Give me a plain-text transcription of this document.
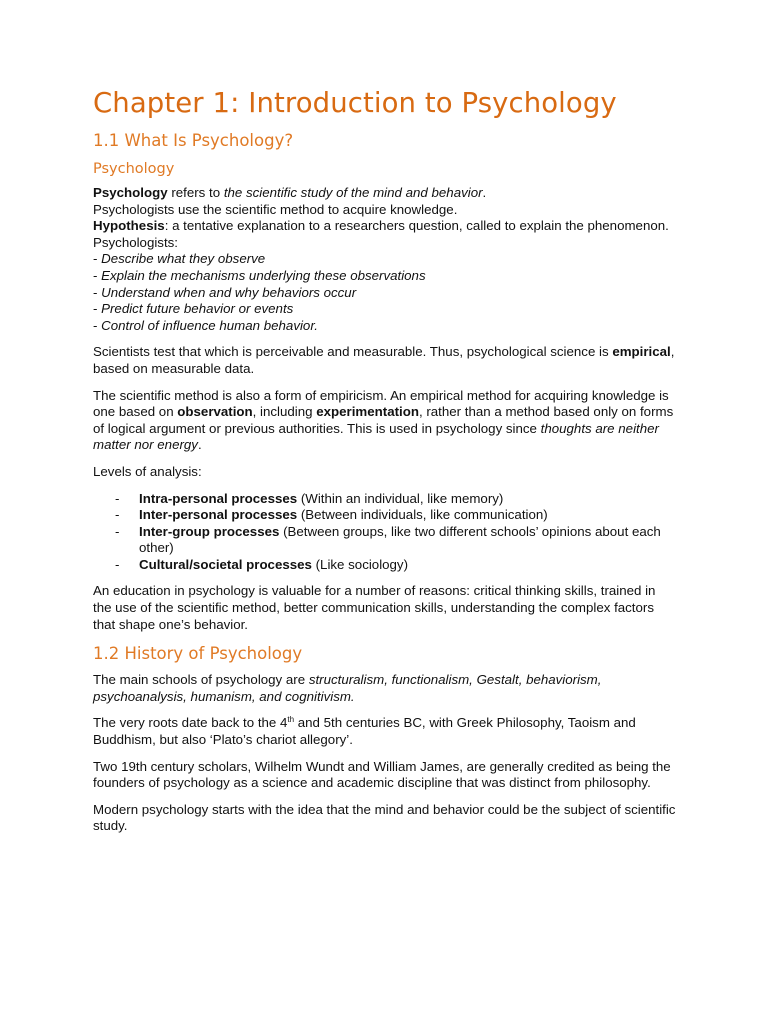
Chapter 1: Introduction to Psychology
1.1 What Is Psychology?
Psychology
Psychology refers to the scientific study of the mind and behavior.
Psychologists use the scientific method to acquire knowledge.
Hypothesis: a tentative explanation to a researchers question, called to explain the phenomenon.
Psychologists:
- Describe what they observe
- Explain the mechanisms underlying these observations
- Understand when and why behaviors occur
- Predict future behavior or events
- Control of influence human behavior.

Scientists test that which is perceivable and measurable. Thus, psychological science is empirical, based on measurable data.

The scientific method is also a form of empiricism. An empirical method for acquiring knowledge is one based on observation, including experimentation, rather than a method based only on forms of logical argument or previous authorities. This is used in psychology since thoughts are neither matter nor energy.

Levels of analysis:

- Intra-personal processes (Within an individual, like memory)
- Inter-personal processes (Between individuals, like communication)
- Inter-group processes (Between groups, like two different schools’ opinions about each other)
- Cultural/societal processes (Like sociology)

An education in psychology is valuable for a number of reasons: critical thinking skills, trained in the use of the scientific method, better communication skills, understanding the complex factors that shape one’s behavior.

1.2 History of Psychology

The main schools of psychology are structuralism, functionalism, Gestalt, behaviorism, psychoanalysis, humanism, and cognitivism.

The very roots date back to the 4th and 5th centuries BC, with Greek Philosophy, Taoism and Buddhism, but also ‘Plato’s chariot allegory’.

Two 19th century scholars, Wilhelm Wundt and William James, are generally credited as being the founders of psychology as a science and academic discipline that was distinct from philosophy.

Modern psychology starts with the idea that the mind and behavior could be the subject of scientific study.
